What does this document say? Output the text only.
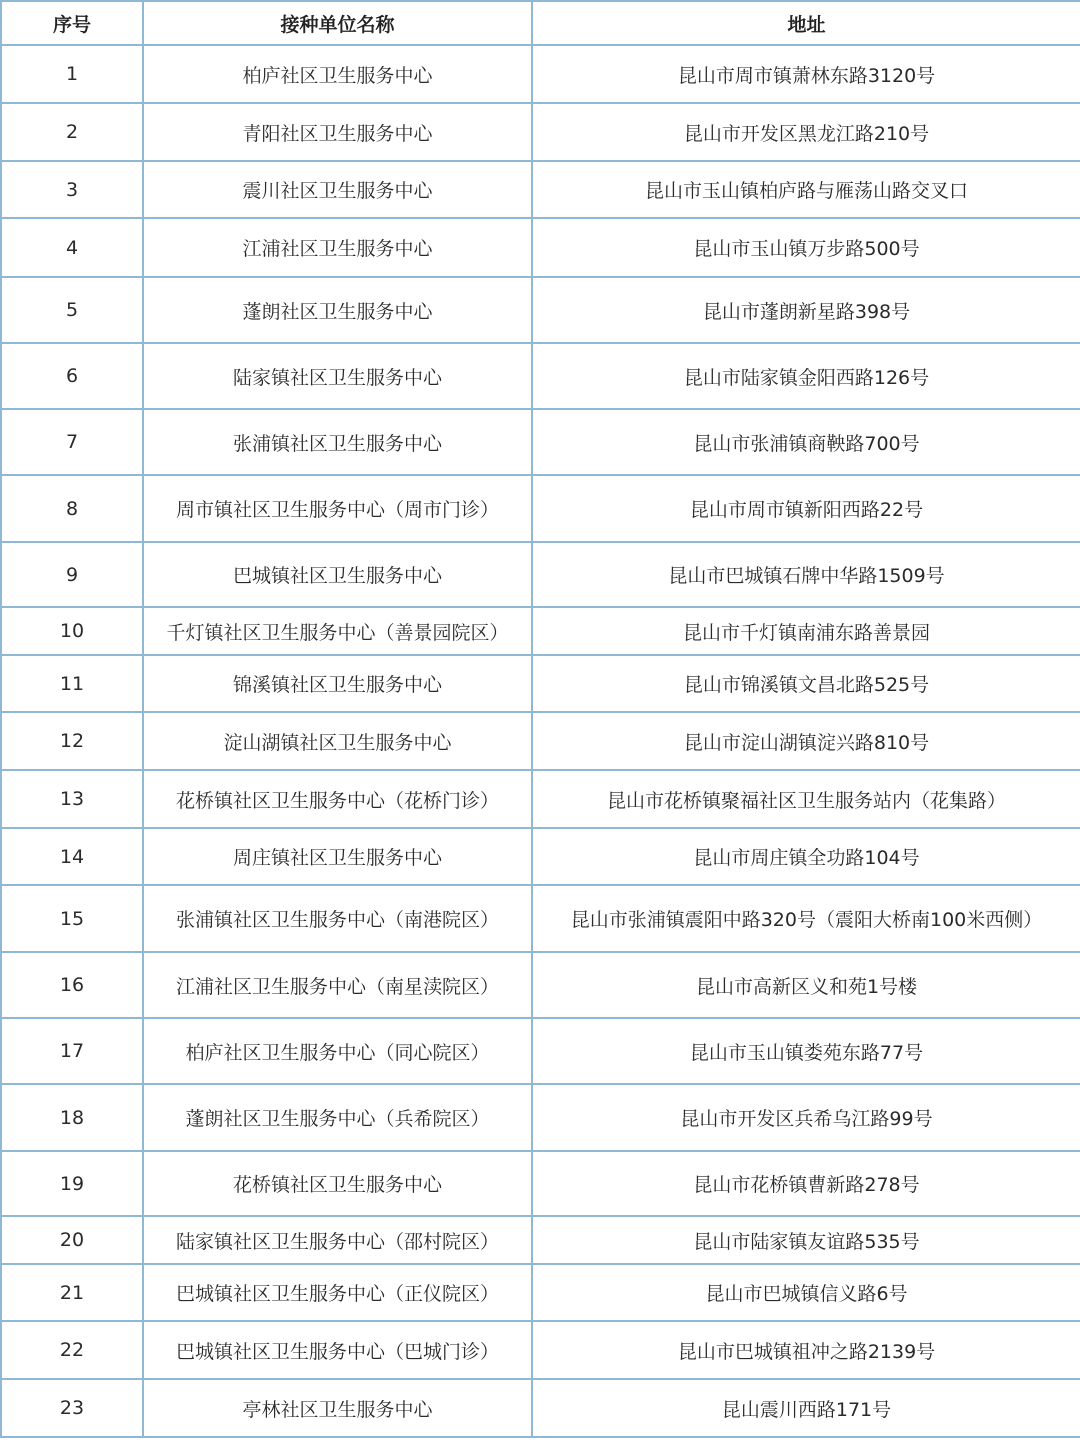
序号	接种单位名称	地址
1	柏庐社区卫生服务中心	昆山市周市镇萧林东路3120号
2	青阳社区卫生服务中心	昆山市开发区黑龙江路210号
3	震川社区卫生服务中心	昆山市玉山镇柏庐路与雁荡山路交叉口
4	江浦社区卫生服务中心	昆山市玉山镇万步路500号
5	蓬朗社区卫生服务中心	昆山市蓬朗新星路398号
6	陆家镇社区卫生服务中心	昆山市陆家镇金阳西路126号
7	张浦镇社区卫生服务中心	昆山市张浦镇商鞅路700号
8	周市镇社区卫生服务中心（周市门诊）	昆山市周市镇新阳西路22号
9	巴城镇社区卫生服务中心	昆山市巴城镇石牌中华路1509号
10	千灯镇社区卫生服务中心（善景园院区）	昆山市千灯镇南浦东路善景园
11	锦溪镇社区卫生服务中心	昆山市锦溪镇文昌北路525号
12	淀山湖镇社区卫生服务中心	昆山市淀山湖镇淀兴路810号
13	花桥镇社区卫生服务中心（花桥门诊）	昆山市花桥镇聚福社区卫生服务站内（花集路）
14	周庄镇社区卫生服务中心	昆山市周庄镇全功路104号
15	张浦镇社区卫生服务中心（南港院区）	昆山市张浦镇震阳中路320号（震阳大桥南100米西侧）
16	江浦社区卫生服务中心（南星渎院区）	昆山市高新区义和苑1号楼
17	柏庐社区卫生服务中心（同心院区）	昆山市玉山镇娄苑东路77号
18	蓬朗社区卫生服务中心（兵希院区）	昆山市开发区兵希乌江路99号
19	花桥镇社区卫生服务中心	昆山市花桥镇曹新路278号
20	陆家镇社区卫生服务中心（邵村院区）	昆山市陆家镇友谊路535号
21	巴城镇社区卫生服务中心（正仪院区）	昆山市巴城镇信义路6号
22	巴城镇社区卫生服务中心（巴城门诊）	昆山市巴城镇祖冲之路2139号
23	亭林社区卫生服务中心	昆山震川西路171号
